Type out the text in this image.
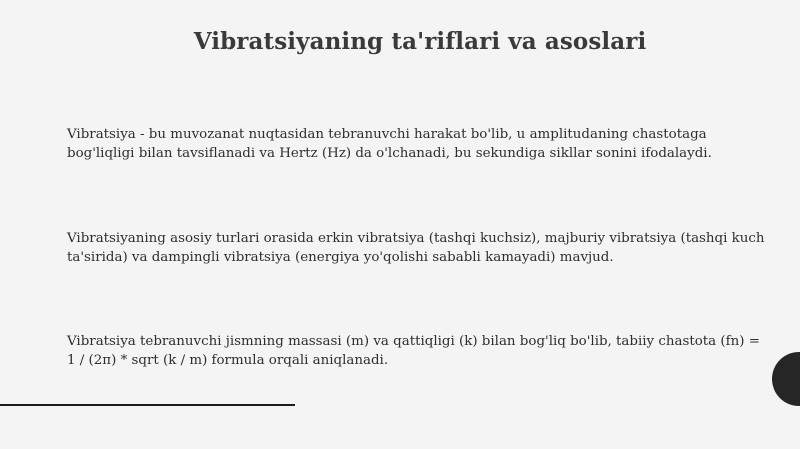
Vibratsiyaning ta'riflari va asoslari

Vibratsiya - bu muvozanat nuqtasidan tebranuvchi harakat bo'lib, u amplitudaning chastotaga bog'liqligi bilan tavsiflanadi va Hertz (Hz) da o'lchanadi, bu sekundiga sikllar sonini ifodalaydi.

Vibratsiyaning asosiy turlari orasida erkin vibratsiya (tashqi kuchsiz), majburiy vibratsiya (tashqi kuch ta'sirida) va dampingli vibratsiya (energiya yo'qolishi sababli kamayadi) mavjud.

Vibratsiya tebranuvchi jismning massasi (m) va qattiqligi (k) bilan bog'liq bo'lib, tabiiy chastota (fn) = 1 / (2π) * sqrt (k / m) formula orqali aniqlanadi.
